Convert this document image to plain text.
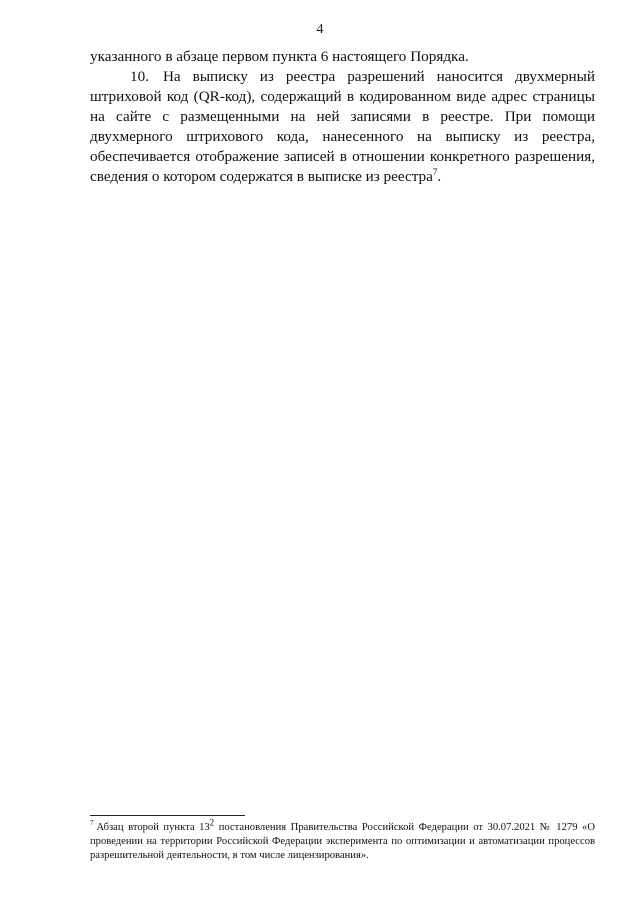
4
указанного в абзаце первом пункта 6 настоящего Порядка.
10. На выписку из реестра разрешений наносится двухмерный штриховой код (QR-код), содержащий в кодированном виде адрес страницы на сайте с размещенными на ней записями в реестре. При помощи двухмерного штрихового кода, нанесенного на выписку из реестра, обеспечивается отображение записей в отношении конкретного разрешения, сведения о котором содержатся в выписке из реестра$^7$.
$^7$ Абзац второй пункта $13^2$ постановления Правительства Российской Федерации от 30.07.2021 № 1279 «О проведении на территории Российской Федерации эксперимента по оптимизации и автоматизации процессов разрешительной деятельности, в том числе лицензирования».
